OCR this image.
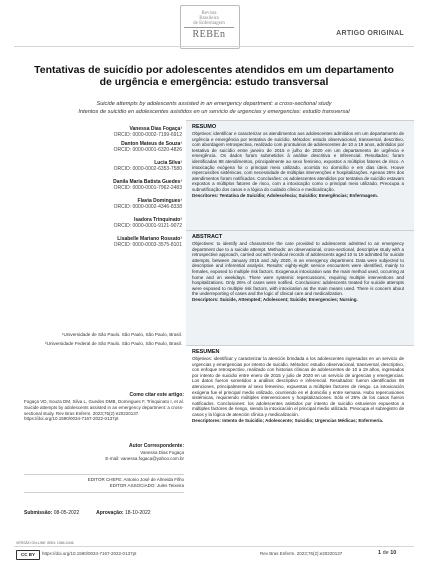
Revista
Brasileira
de Enfermagem
REBEn	ARTIGO ORIGINAL
Tentativas de suicídio por adolescentes atendidos em um departamento de urgência e emergência: estudo transversal
Suicide attempts by adolescents assisted in an emergency department: a cross-sectional study
Intentos de suicidio en adolescentes asistidos en un servicio de urgencias y emergencias: estudio transversal
Vanessa Dias Fogaça¹
ORCID: 0000-0002-7199-6912
Danton Mateus de Souza¹
ORCID: 0000-0001-6320-4826
Lucia Silva¹
ORCID: 0000-0002-6353-7580
Danila Maria Batista Guedes¹
ORCID: 0000-0001-7962-2483
Flavia Domingues¹
ORCID: 0000-0002-4346-8338
Isadora Trinquinato¹
ORCID: 0000-0001-9121-9072
Lisabelle Mariano Rossato¹
ORCID: 0000-0003-3575-8101
¹Universidade de São Paulo. São Paulo, São Paulo, Brasil.
²Universidade Federal de São Paulo. São Paulo, São Paulo, Brasil.
Como citar este artigo:
Fogaça VD, Souza DM, Silva L, Guedes DMB, Domingues F, Trinquinato I, et al. Suicide attempts by adolescents assisted in an emergency department: a cross-sectional study. Rev Bras Enferm. 2023;76(2):e20220137. https://doi.org/10.1590/0034-7167-2022-0137pt
Autor Correspondente:
Vanessa Dias Fogaça
E-mail: vanessa.fogaca@yahoo.com.br
EDITOR CHEFE: Antonio José de Almeida Filho
EDITOR ASSOCIADO: Jules Teixeira
Submissão: 08-05-2022	Aprovação: 18-10-2022
RESUMO
Objetivos: identificar e caracterizar os atendimentos aos adolescentes admitidos em um departamento de urgência e emergência por tentativa de suicídio. Métodos: estudo observacional, transversal, descritivo, com abordagem retrospectiva, realizado com prontuários de adolescentes de 10 a 19 anos, admitidos por tentativa de suicídio entre janeiro de 2015 e julho de 2020 em um departamento de urgência e emergência. Os dados foram submetidos à análise descritiva e inferencial. Resultados: foram identificadas 88 atendimentos, principalmente ao sexo feminino, expostos a múltiplos fatores de risco. A intoxicação exógena foi o principal meio utilizado, ocorrida no domicílio e em dias úteis. Houve repercussões sistêmicas, com necessidade de múltiplas intervenções e hospitalizações. Apenas 26% dos atendimentos foram notificados. Conclusões: os adolescentes atendidos por tentativa de suicídio estavam expostos a múltiplos fatores de risco, com a intoxicação como o principal meio utilizado. Preocupa a subnotificação dos casos e a lógica do cuidado clínico e medicalização.
Descritores: Tentativa de Suicídio; Adolescência; Suicídio; Emergências; Enfermagem.
ABSTRACT
Objectives: to identify and characterize the care provided to adolescents admitted to an emergency department due to a suicide attempt. Methods: an observational, cross-sectional, descriptive study with a retrospective approach, carried out with medical records of adolescents aged 10 to 19 admitted for suicide attempts, between January 2015 and July 2020, in an emergency department. Data were subjected to descriptive and inferential analysis. Results: eighty-eight service encounters were identified, mainly to females, exposed to multiple risk factors. Exogenous intoxication was the main method used, occurring at home and on weekdays. There were systemic repercussions, requiring multiple interventions and hospitalizations. Only 26% of cases were notified. Conclusions: adolescents treated for suicide attempts were exposed to multiple risk factors, with intoxication as the main means used. There is concern about the underreporting of cases and the logic of clinical care and medicalization.
Descriptors: Suicide, Attempted; Adolescent; Suicide; Emergencies; Nursing.
RESUMEN
Objetivos: identificar y caracterizar la atención brindada a los adolescentes ingresados en un servicio de urgencias y emergencias por intento de suicidio. Métodos: estudio observacional, transversal, descriptivo, con enfoque retrospectivo, realizado con historias clínicas de adolescentes de 10 a 19 años, ingresados por intento de suicidio entre enero de 2015 y julio de 2020 en un servicio de urgencias y emergencias. Los datos fueron sometidos a análisis descriptivo e inferencial. Resultados: fueron identificados 88 atenciones, principalmente al sexo femenino, expuestas a múltiples factores de riesgo. La intoxicación exógena fue el principal medio utilizado, ocurriendo en el domicilio y entre semana. Hubo repercusiones sistémicas, requiriendo múltiples intervenciones y hospitalizaciones. Sólo el 26% de los casos fueron notificados. Conclusiones: los adolescentes asistidos por intento de suicidio estuvieron expuestos a múltiples factores de riesgo, siendo la intoxicación el principal medio utilizado. Preocupa el subregistro de casos y la lógica de atención clínica y medicalización.
Descriptores: Intento de Suicidio; Adolescente; Suicidio; Urgencias Médicas; Enfermería.
VERSÃO ON-LINE ISSN: 1984-0446
CC BY	https://doi.org/10.1590/0034-7167-2022-0137pt	Rev Bras Enferm. 2023;76(2):e20220137	1 de 10
